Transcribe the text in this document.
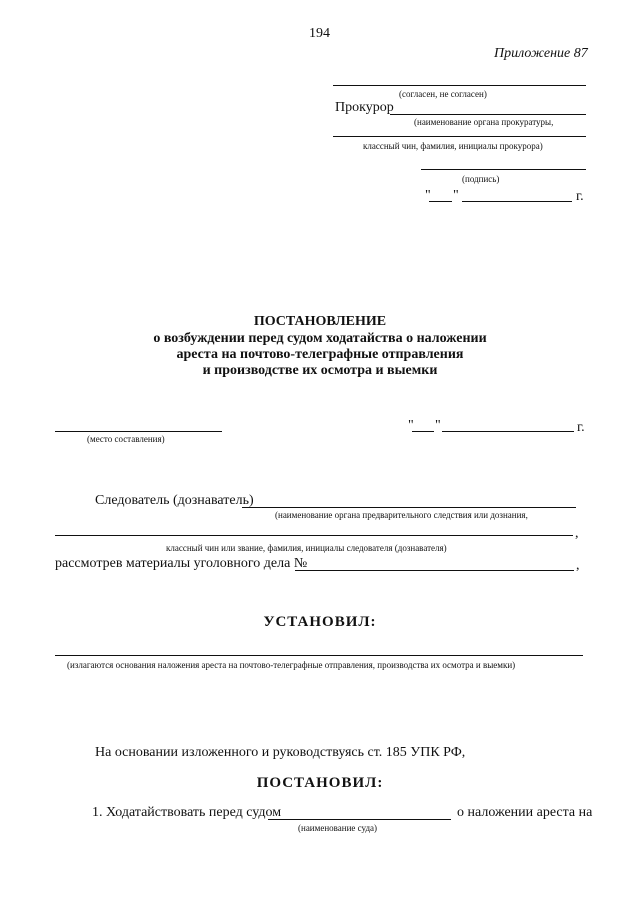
194
Приложение 87
(согласен, не согласен)
Прокурор
(наименование органа прокуратуры,
классный чин, фамилия, инициалы прокурора)
(подпись)
" "	г.
ПОСТАНОВЛЕНИЕ
о возбуждении перед судом ходатайства о наложении
ареста на почтово-телеграфные отправления
и производстве их осмотра и выемки
(место составления)
" "	г.
Следователь (дознаватель)
(наименование органа предварительного следствия или дознания,
,
классный чин или звание, фамилия, инициалы следователя (дознавателя)
рассмотрев материалы уголовного дела №	,
УСТАНОВИЛ:
(излагаются основания наложения ареста на почтово-телеграфные отправления, производства их осмотра и выемки)
На основании изложенного и руководствуясь ст. 185 УПК РФ,
ПОСТАНОВИЛ:
1. Ходатайствовать перед судом	о наложении ареста на
(наименование суда)
